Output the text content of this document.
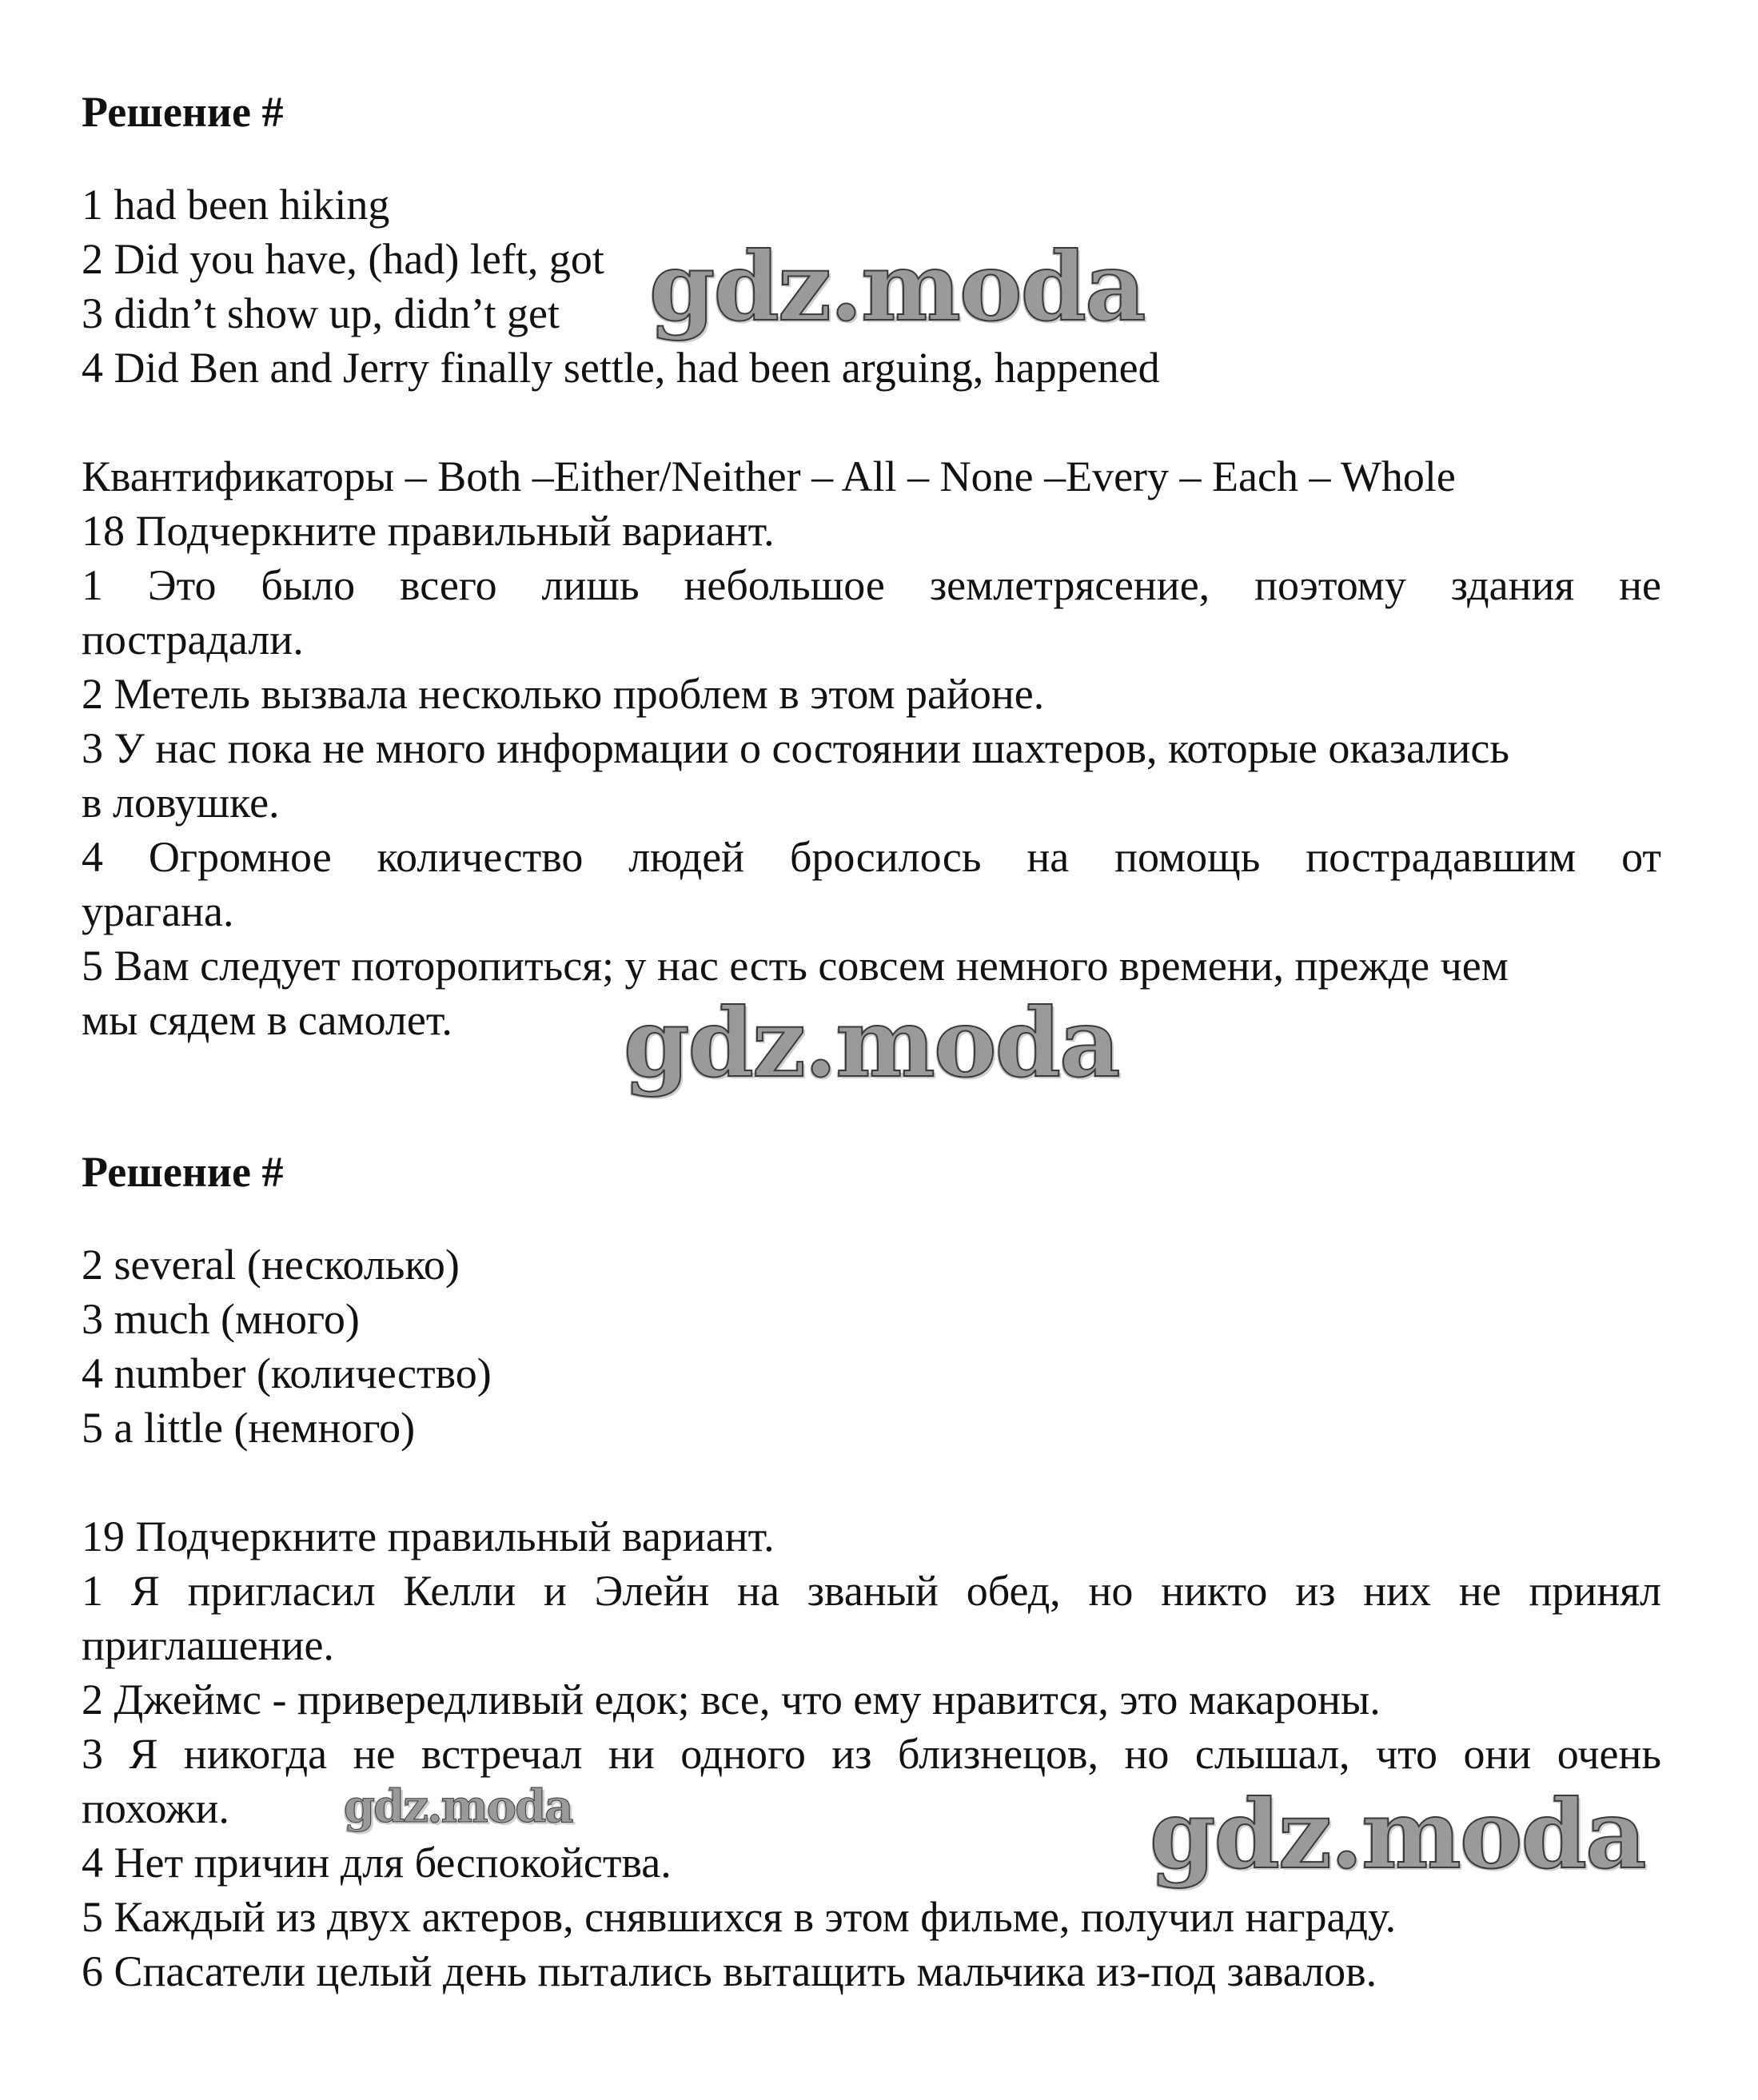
Решение #
1 had been hiking
2 Did you have, (had) left, got
3 didn’t show up, didn’t get
4 Did Ben and Jerry finally settle, had been arguing, happened
Квантификаторы – Both –Either/Neither – All – None –Every – Each – Whole
18 Подчеркните правильный вариант.
1 Это было всего лишь небольшое землетрясение, поэтому здания не
пострадали.
2 Метель вызвала несколько проблем в этом районе.
3 У нас пока не много информации о состоянии шахтеров, которые оказались
в ловушке.
4 Огромное количество людей бросилось на помощь пострадавшим от
урагана.
5 Вам следует поторопиться; у нас есть совсем немного времени, прежде чем
мы сядем в самолет.
Решение #
2 several (несколько)
3 much (много)
4 number (количество)
5 a little (немного)
19 Подчеркните правильный вариант.
1 Я пригласил Келли и Элейн на званый обед, но никто из них не принял
приглашение.
2 Джеймс - привередливый едок; все, что ему нравится, это макароны.
3 Я никогда не встречал ни одного из близнецов, но слышал, что они очень
похожи.
4 Нет причин для беспокойства.
5 Каждый из двух актеров, снявшихся в этом фильме, получил награду.
6 Спасатели целый день пытались вытащить мальчика из-под завалов.
gdz.moda
gdz.moda
gdz.moda	gdz.moda
